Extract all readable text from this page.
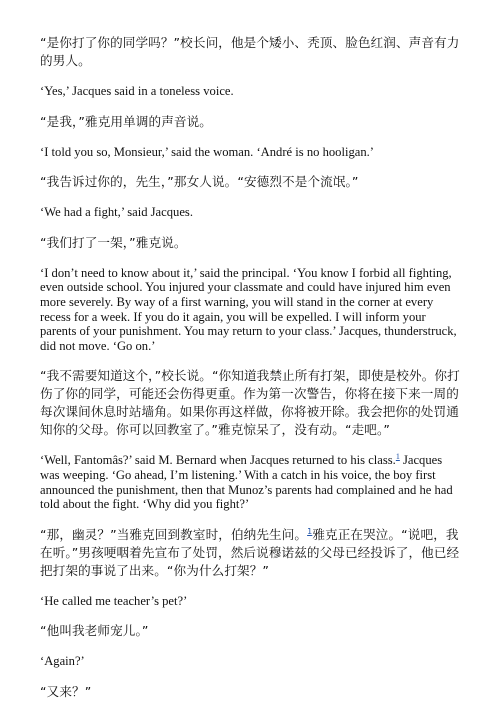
“是你打了你的同学吗？”校长问，他是个矮小、秃顶、脸色红润、声音有力的男人。

‘Yes,’ Jacques said in a toneless voice.

“是我，”雅克用单调的声音说。

‘I told you so, Monsieur,’ said the woman. ‘André is no hooligan.’

“我告诉过你的，先生，”那女人说。“安德烈不是个流氓。”

‘We had a fight,’ said Jacques.

“我们打了一架，”雅克说。

‘I don’t need to know about it,’ said the principal. ‘You know I forbid all fighting, even outside school. You injured your classmate and could have injured him even more severely. By way of a first warning, you will stand in the corner at every recess for a week. If you do it again, you will be expelled. I will inform your parents of your punishment. You may return to your class.’ Jacques, thunderstruck, did not move. ‘Go on.’

“我不需要知道这个，”校长说。“你知道我禁止所有打架，即使是校外。你打伤了你的同学，可能还会伤得更重。作为第一次警告，你将在接下来一周的每次课间休息时站墙角。如果你再这样做，你将被开除。我会把你的处罚通知你的父母。你可以回教室了。”雅克惊呆了，没有动。“走吧。”

‘Well, Fantomâs?’ said M. Bernard when Jacques returned to his class.$^1$ Jacques was weeping. ‘Go ahead, I’m listening.’ With a catch in his voice, the boy first announced the punishment, then that Munoz’s parents had complained and he had told about the fight. ‘Why did you fight?’

“那，幽灵？”当雅克回到教室时，伯纳先生问。$^1$雅克正在哭泣。“说吧，我在听。”男孩哽咽着先宣布了处罚，然后说穆诺兹的父母已经投诉了，他已经把打架的事说了出来。“你为什么打架？”

‘He called me teacher’s pet?’

“他叫我老师宠儿。”

‘Again?’

“又来？”
